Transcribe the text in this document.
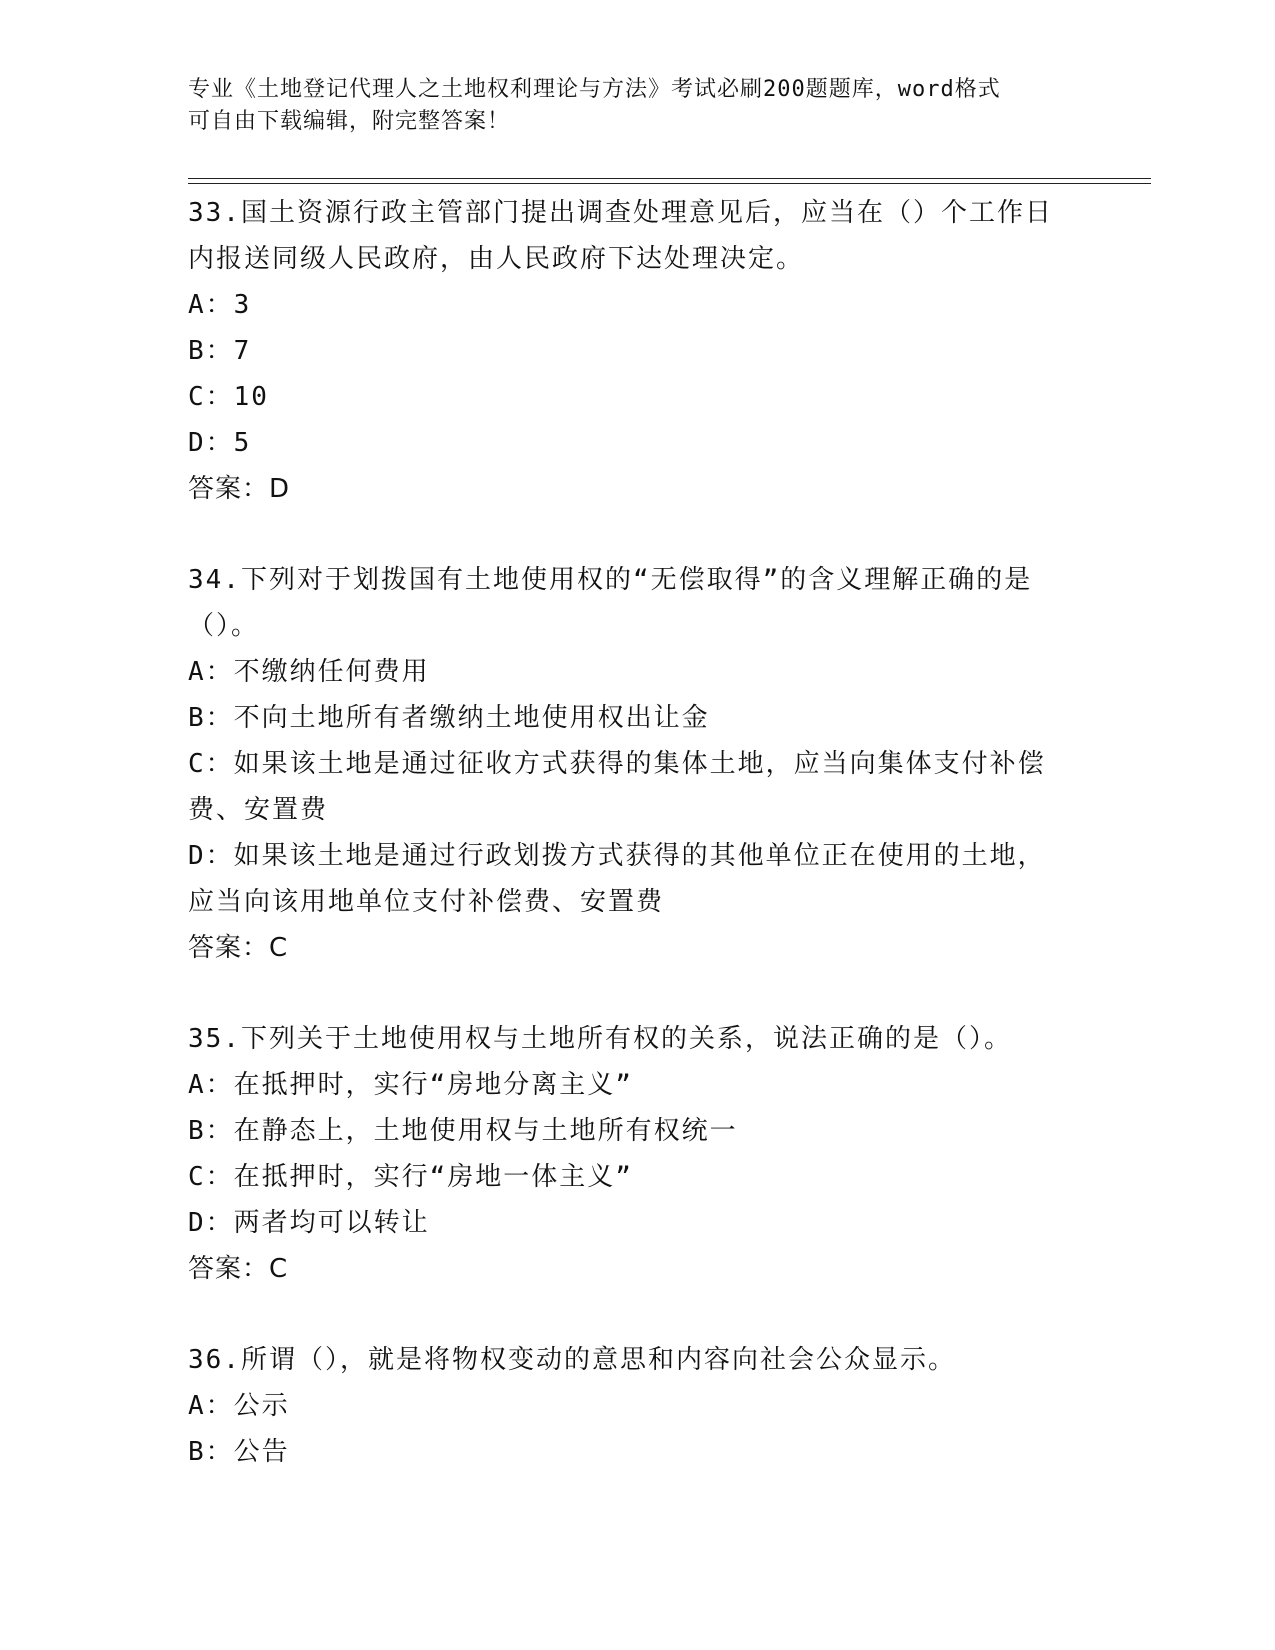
专业《土地登记代理人之土地权利理论与方法》考试必刷200题题库，word格式
可自由下载编辑，附完整答案！
33.国土资源行政主管部门提出调查处理意见后，应当在（）个工作日
内报送同级人民政府，由人民政府下达处理决定。
A：3
B：7
C：10
D：5
答案：D
34.下列对于划拨国有土地使用权的“无偿取得”的含义理解正确的是
（）。
A：不缴纳任何费用
B：不向土地所有者缴纳土地使用权出让金
C：如果该土地是通过征收方式获得的集体土地，应当向集体支付补偿
费、安置费
D：如果该土地是通过行政划拨方式获得的其他单位正在使用的土地，
应当向该用地单位支付补偿费、安置费
答案：C
35.下列关于土地使用权与土地所有权的关系，说法正确的是（）。
A：在抵押时，实行“房地分离主义”
B：在静态上，土地使用权与土地所有权统一
C：在抵押时，实行“房地一体主义”
D：两者均可以转让
答案：C
36.所谓（），就是将物权变动的意思和内容向社会公众显示。
A：公示
B：公告
